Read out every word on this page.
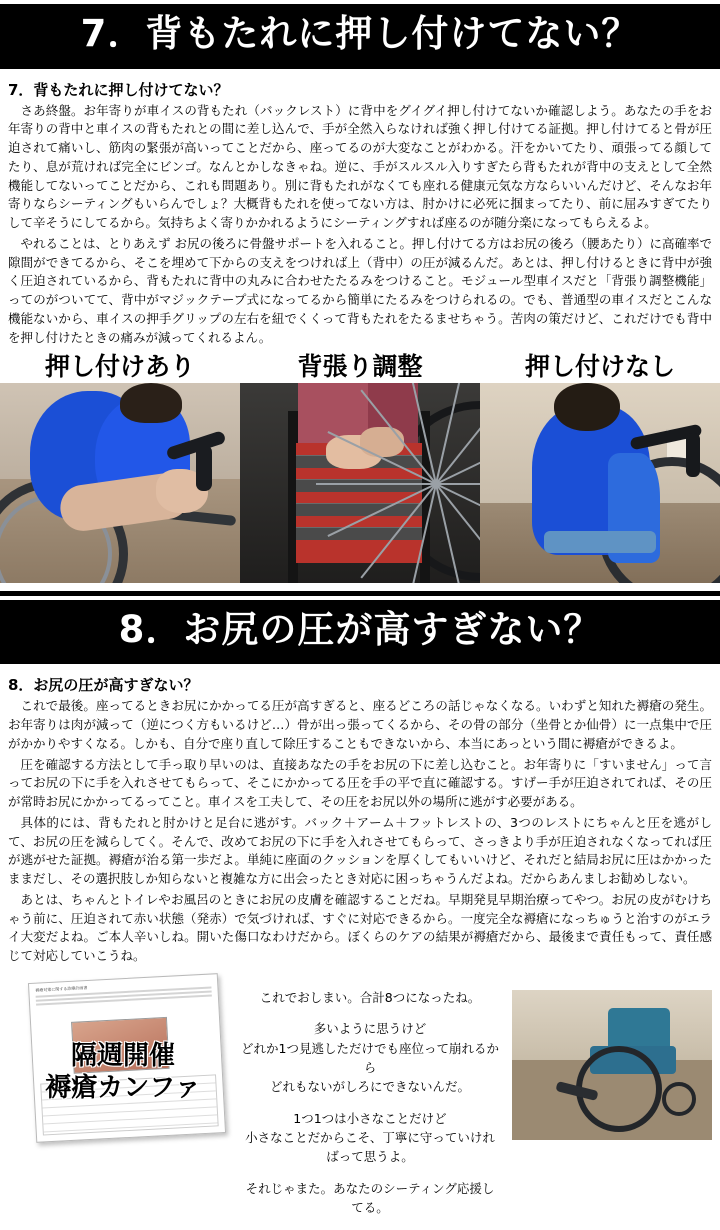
7．背もたれに押し付けてない？
7．背もたれに押し付けてない？

さあ終盤。お年寄りが車イスの背もたれ（バックレスト）に背中をグイグイ押し付けてないか確認しよう。あなたの手をお年寄りの背中と車イスの背もたれとの間に差し込んで、手が全然入らなければ強く押し付けてる証拠。押し付けてると骨が圧迫されて痛いし、筋肉の緊張が高いってことだから、座ってるのが大変なことがわかる。汗をかいてたり、頑張ってる顔してたり、息が荒ければ完全にビンゴ。なんとかしなきゃね。逆に、手がスルスル入りすぎたら背もたれが背中の支えとして全然機能してないってことだから、これも問題あり。別に背もたれがなくても座れる健康元気な方ならいいんだけど、そんなお年寄りならシーティングもいらんでしょ？大概背もたれを使ってない方は、肘かけに必死に掴まってたり、前に屈みすぎてたりして辛そうにしてるから。気持ちよく寄りかかれるようにシーティングすれば座るのが随分楽になってもらえるよ。

やれることは、とりあえず お尻の後ろに骨盤サポートを入れること。押し付けてる方はお尻の後ろ（腰あたり）に高確率で隙間ができてるから、そこを埋めて下からの支えをつければ上（背中）の圧が減るんだ。あとは、押し付けるときに背中が強く圧迫されているから、背もたれに背中の丸みに合わせたたるみをつけること。モジュール型車イスだと「背張り調整機能」ってのがついてて、背中がマジックテープ式になってるから簡単にたるみをつけられるの。でも、普通型の車イスだとこんな機能ないから、車イスの押手グリップの左右を紐でくくって背もたれをたるませちゃう。苦肉の策だけど、これだけでも背中を押し付けたときの痛みが減ってくれるよん。

押し付けあり	背張り調整	押し付けなし
8．お尻の圧が高すぎない？
8．お尻の圧が高すぎない？

これで最後。座ってるときお尻にかかってる圧が高すぎると、座るどころの話じゃなくなる。いわずと知れた褥瘡の発生。お年寄りは肉が減って（逆につく方もいるけど…）骨が出っ張ってくるから、その骨の部分（坐骨とか仙骨）に一点集中で圧がかかりやすくなる。しかも、自分で座り直して除圧することもできないから、本当にあっという間に褥瘡ができるよ。

圧を確認する方法として手っ取り早いのは、直接あなたの手をお尻の下に差し込むこと。お年寄りに「すいません」って言ってお尻の下に手を入れさせてもらって、そこにかかってる圧を手の平で直に確認する。すげー手が圧迫されてれば、その圧が常時お尻にかかってるってこと。車イスを工夫して、その圧をお尻以外の場所に逃がす必要がある。

具体的には、背もたれと肘かけと足台に逃がす。バック＋アーム＋フットレストの、3つのレストにちゃんと圧を逃がして、お尻の圧を減らしてく。そんで、改めてお尻の下に手を入れさせてもらって、さっきより手が圧迫されなくなってれば圧が逃がせた証拠。褥瘡が治る第一歩だよ。単純に座面のクッションを厚くしてもいいけど、それだと結局お尻に圧はかかったままだし、その選択肢しか知らないと複雑な方に出会ったとき対応に困っちゃうんだよね。だからあんましお勧めしない。

あとは、ちゃんとトイレやお風呂のときにお尻の皮膚を確認することだね。早期発見早期治療ってやつ。お尻の皮がむけちゃう前に、圧迫されて赤い状態（発赤）で気づければ、すぐに対応できるから。一度完全な褥瘡になっちゅうと治すのがエライ大変だよね。ご本人辛いしね。開いた傷口なわけだから。ぼくらのケアの結果が褥瘡だから、最後まで責任もって、責任感じて対応していこうね。

褥瘡対策に関する診療計画書
隔週開催
褥瘡カンファ

これでおしまい。合計8つになったね。

多いように思うけど
どれか1つ見逃しただけでも座位って崩れるから
どれもないがしろにできないんだ。

1つ1つは小さなことだけど
小さなことだからこそ、丁寧に守っていければって思うよ。

それじゃまた。あなたのシーティング応援してる。
